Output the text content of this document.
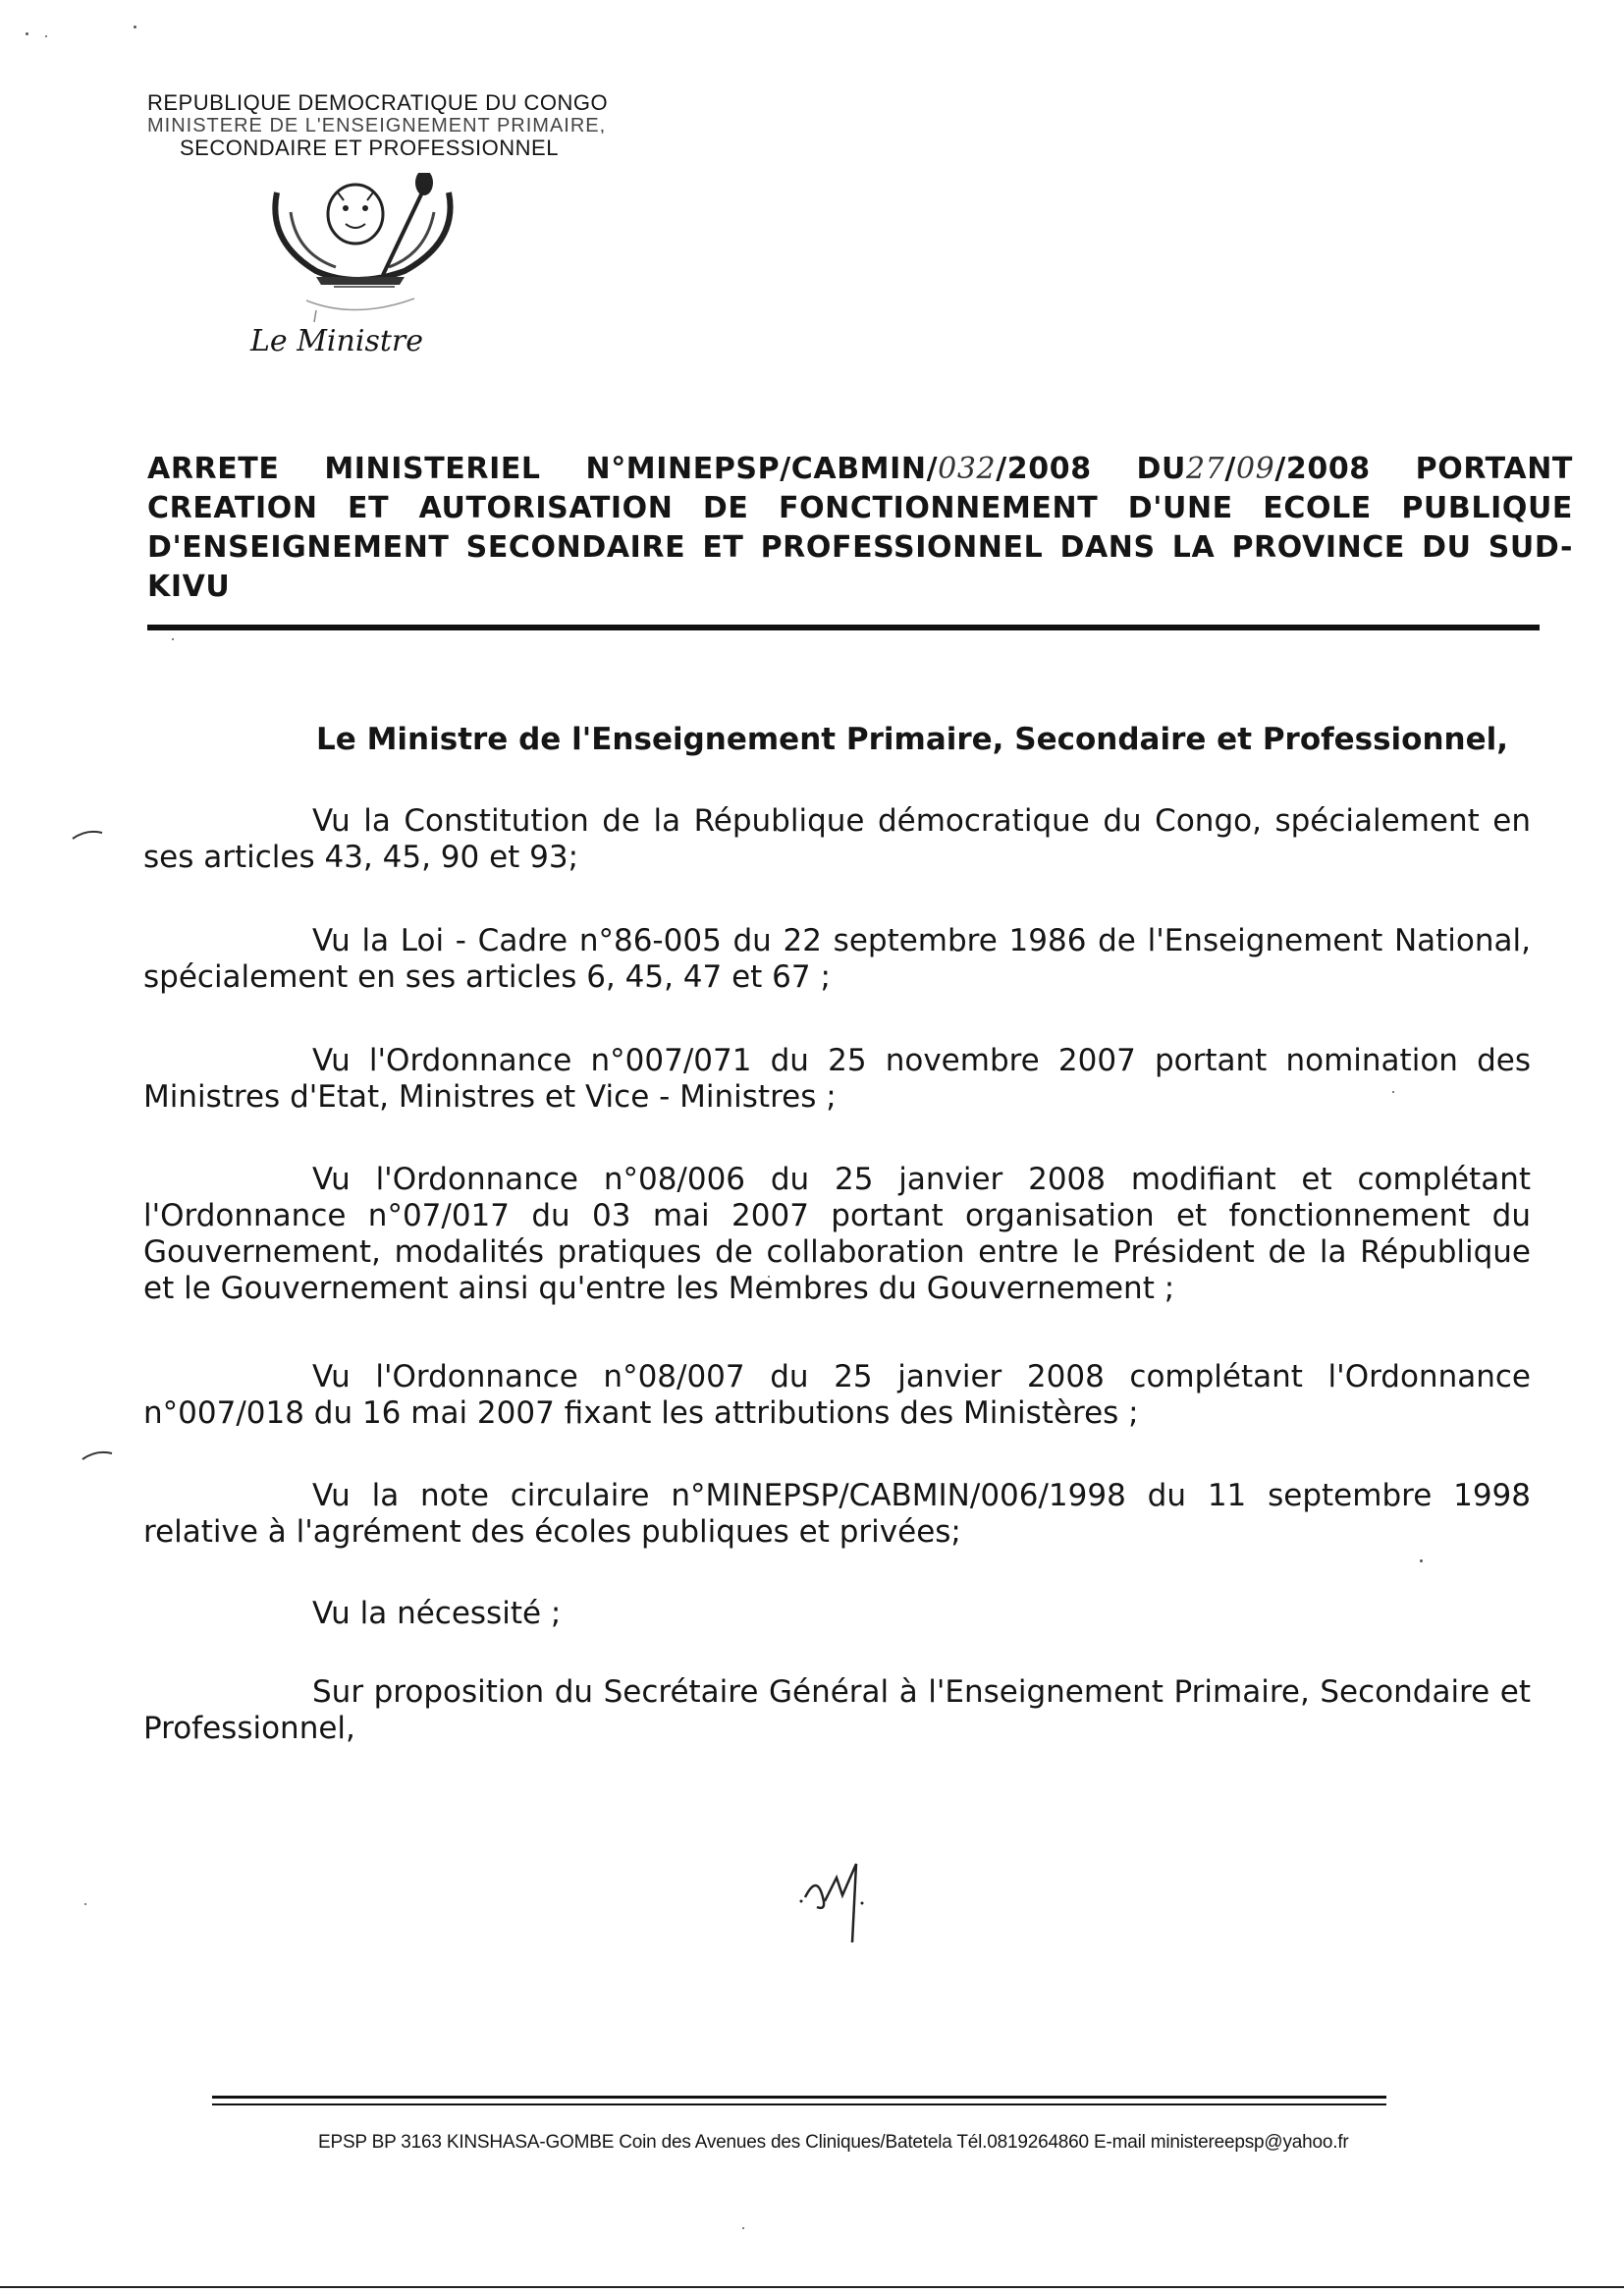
REPUBLIQUE DEMOCRATIQUE DU CONGO
MINISTERE DE L'ENSEIGNEMENT PRIMAIRE,
SECONDAIRE ET PROFESSIONNEL
Le Ministre
ARRETE MINISTERIEL N°MINEPSP/CABMIN/032/2008 DU27/09/2008 PORTANT CREATION ET AUTORISATION DE FONCTIONNEMENT D'UNE ECOLE PUBLIQUE D'ENSEIGNEMENT SECONDAIRE ET PROFESSIONNEL DANS LA PROVINCE DU SUD-KIVU
Le Ministre de l'Enseignement Primaire, Secondaire et Professionnel,
Vu la Constitution de la République démocratique du Congo, spécialement en ses articles 43, 45, 90 et 93;
Vu la Loi - Cadre n°86-005 du 22 septembre 1986 de l'Enseignement National, spécialement en ses articles 6, 45, 47 et 67 ;
Vu l'Ordonnance n°007/071 du 25 novembre 2007 portant nomination des Ministres d'Etat, Ministres et Vice - Ministres ;
Vu l'Ordonnance n°08/006 du 25 janvier 2008 modifiant et complétant l'Ordonnance n°07/017 du 03 mai 2007 portant organisation et fonctionnement du Gouvernement, modalités pratiques de collaboration entre le Président de la République et le Gouvernement ainsi qu'entre les Membres du Gouvernement ;
Vu l'Ordonnance n°08/007 du 25 janvier 2008 complétant l'Ordonnance n°007/018 du 16 mai 2007 fixant les attributions des Ministères ;
Vu la note circulaire n°MINEPSP/CABMIN/006/1998 du 11 septembre 1998 relative à l'agrément des écoles publiques et privées;
Vu la nécessité ;
Sur proposition du Secrétaire Général à l'Enseignement Primaire, Secondaire et Professionnel,
EPSP BP 3163 KINSHASA-GOMBE Coin des Avenues des Cliniques/Batetela Tél.0819264860 E-mail ministereepsp@yahoo.fr
